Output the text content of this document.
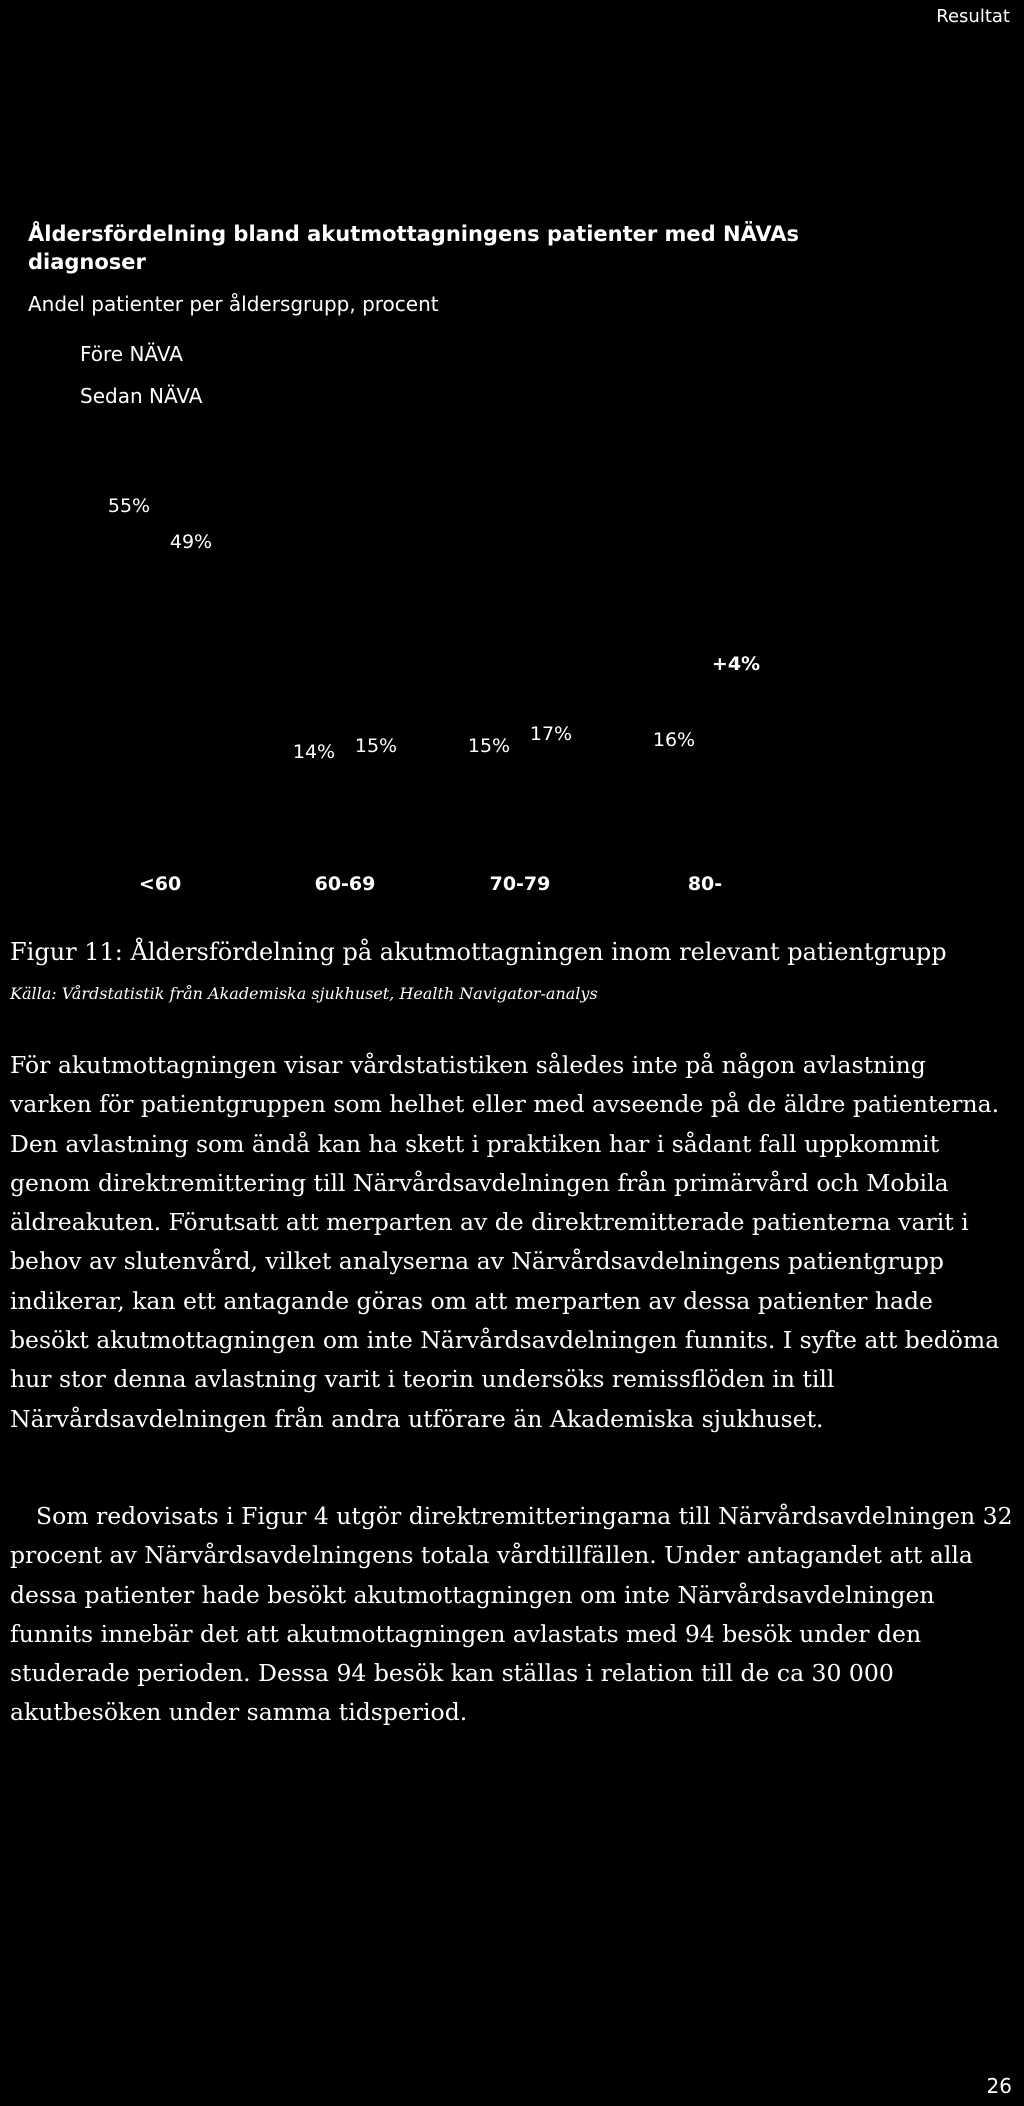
Resultat
Åldersfördelning bland akutmottagningens patienter med NÄVAs diagnoser
Andel patienter per åldersgrupp, procent
Före NÄVA
Sedan NÄVA
55%
49%
<60
14% 15%
60-69
15%
17%
70-79
16%
80-
+4%
Figur 11: Åldersfördelning på akutmottagningen inom relevant patientgrupp
Källa: Vårdstatistik från Akademiska sjukhuset, Health Navigator-analys

För akutmottagningen visar vårdstatistiken således inte på någon avlastning varken för patientgruppen som helhet eller med avseende på de äldre patienterna. Den avlastning som ändå kan ha skett i praktiken har i sådant fall uppkommit genom direktremittering till Närvårdsavdelningen från primärvård och Mobila äldreakuten. Förutsatt att merparten av de direktremitterade patienterna varit i behov av slutenvård, vilket analyserna av Närvårdsavdelningens patientgrupp indikerar, kan ett antagande göras om att merparten av dessa patienter hade besökt akutmottagningen om inte Närvårdsavdelningen funnits. I syfte att bedöma hur stor denna avlastning varit i teorin undersöks remissflöden in till Närvårdsavdelningen från andra utförare än Akademiska sjukhuset.

Som redovisats i Figur 4 utgör direktremitteringarna till Närvårdsavdelningen 32 procent av Närvårdsavdelningens totala vårdtillfällen. Under antagandet att alla dessa patienter hade besökt akutmottagningen om inte Närvårdsavdelningen funnits innebär det att akutmottagningen avlastats med 94 besök under den studerade perioden. Dessa 94 besök kan ställas i relation till de ca 30 000 akutbesöken under samma tidsperiod.

26
